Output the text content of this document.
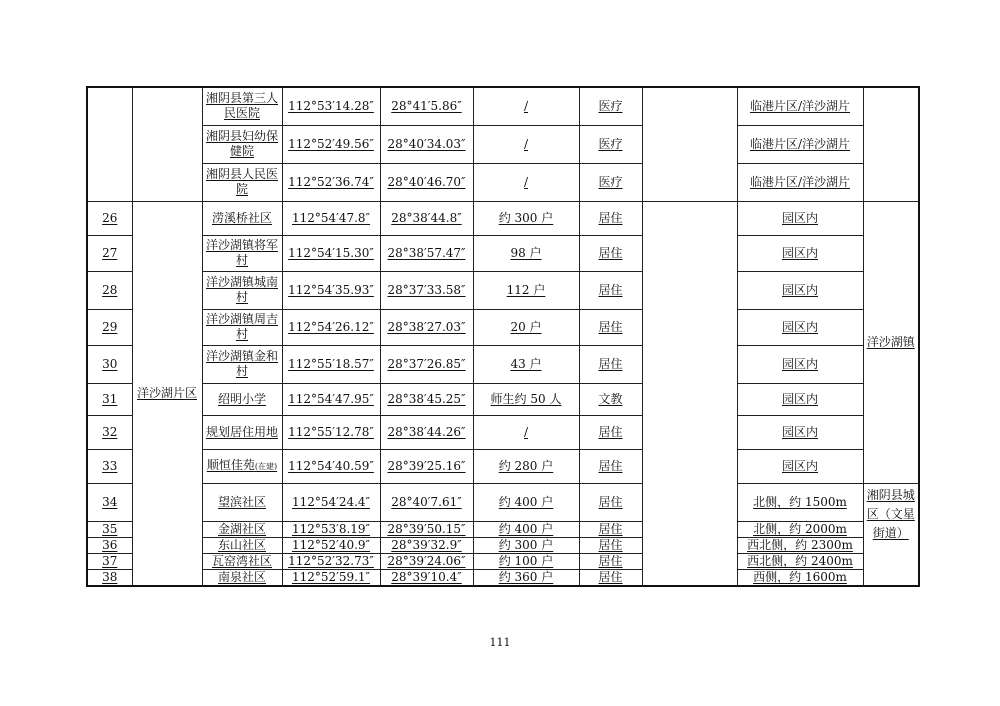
		湘阴县第三人民医院	112°53′14.28″	28°41′5.86″	/	医疗		临港片区/洋沙湖片	
		湘阴县妇幼保健院	112°52′49.56″	28°40′34.03″	/	医疗		临港片区/洋沙湖片	
		湘阴县人民医院	112°52′36.74″	28°40′46.70″	/	医疗		临港片区/洋沙湖片	
26	洋沙湖片区	涝溪桥社区	112°54′47.8″	28°38′44.8″	约 300 户	居住		园区内	洋沙湖镇
27		洋沙湖镇将军村	112°54′15.30″	28°38′57.47″	98 户	居住		园区内	
28		洋沙湖镇城南村	112°54′35.93″	28°37′33.58″	112 户	居住		园区内	
29		洋沙湖镇周吉村	112°54′26.12″	28°38′27.03″	20 户	居住		园区内	
30		洋沙湖镇金和村	112°55′18.57″	28°37′26.85″	43 户	居住		园区内	
31		绍明小学	112°54′47.95″	28°38′45.25″	师生约 50 人	文教		园区内	
32		规划居住用地	112°55′12.78″	28°38′44.26″	/	居住		园区内	
33		顺恒佳苑(在建)	112°54′40.59″	28°39′25.16″	约 280 户	居住		园区内	
34		望滨社区	112°54′24.4″	28°40′7.61″	约 400 户	居住		北侧，约 1500m	湘阴县城区（文星街道）
35		金湖社区	112°53′8.19″	28°39′50.15″	约 400 户	居住		北侧，约 2000m	
36		东山社区	112°52′40.9″	28°39′32.9″	约 300 户	居住		西北侧，约 2300m	
37		瓦窑湾社区	112°52′32.73″	28°39′24.06″	约 100 户	居住		西北侧，约 2400m	
38		南泉社区	112°52′59.1″	28°39′10.4″	约 360 户	居住		西侧，约 1600m	
111
